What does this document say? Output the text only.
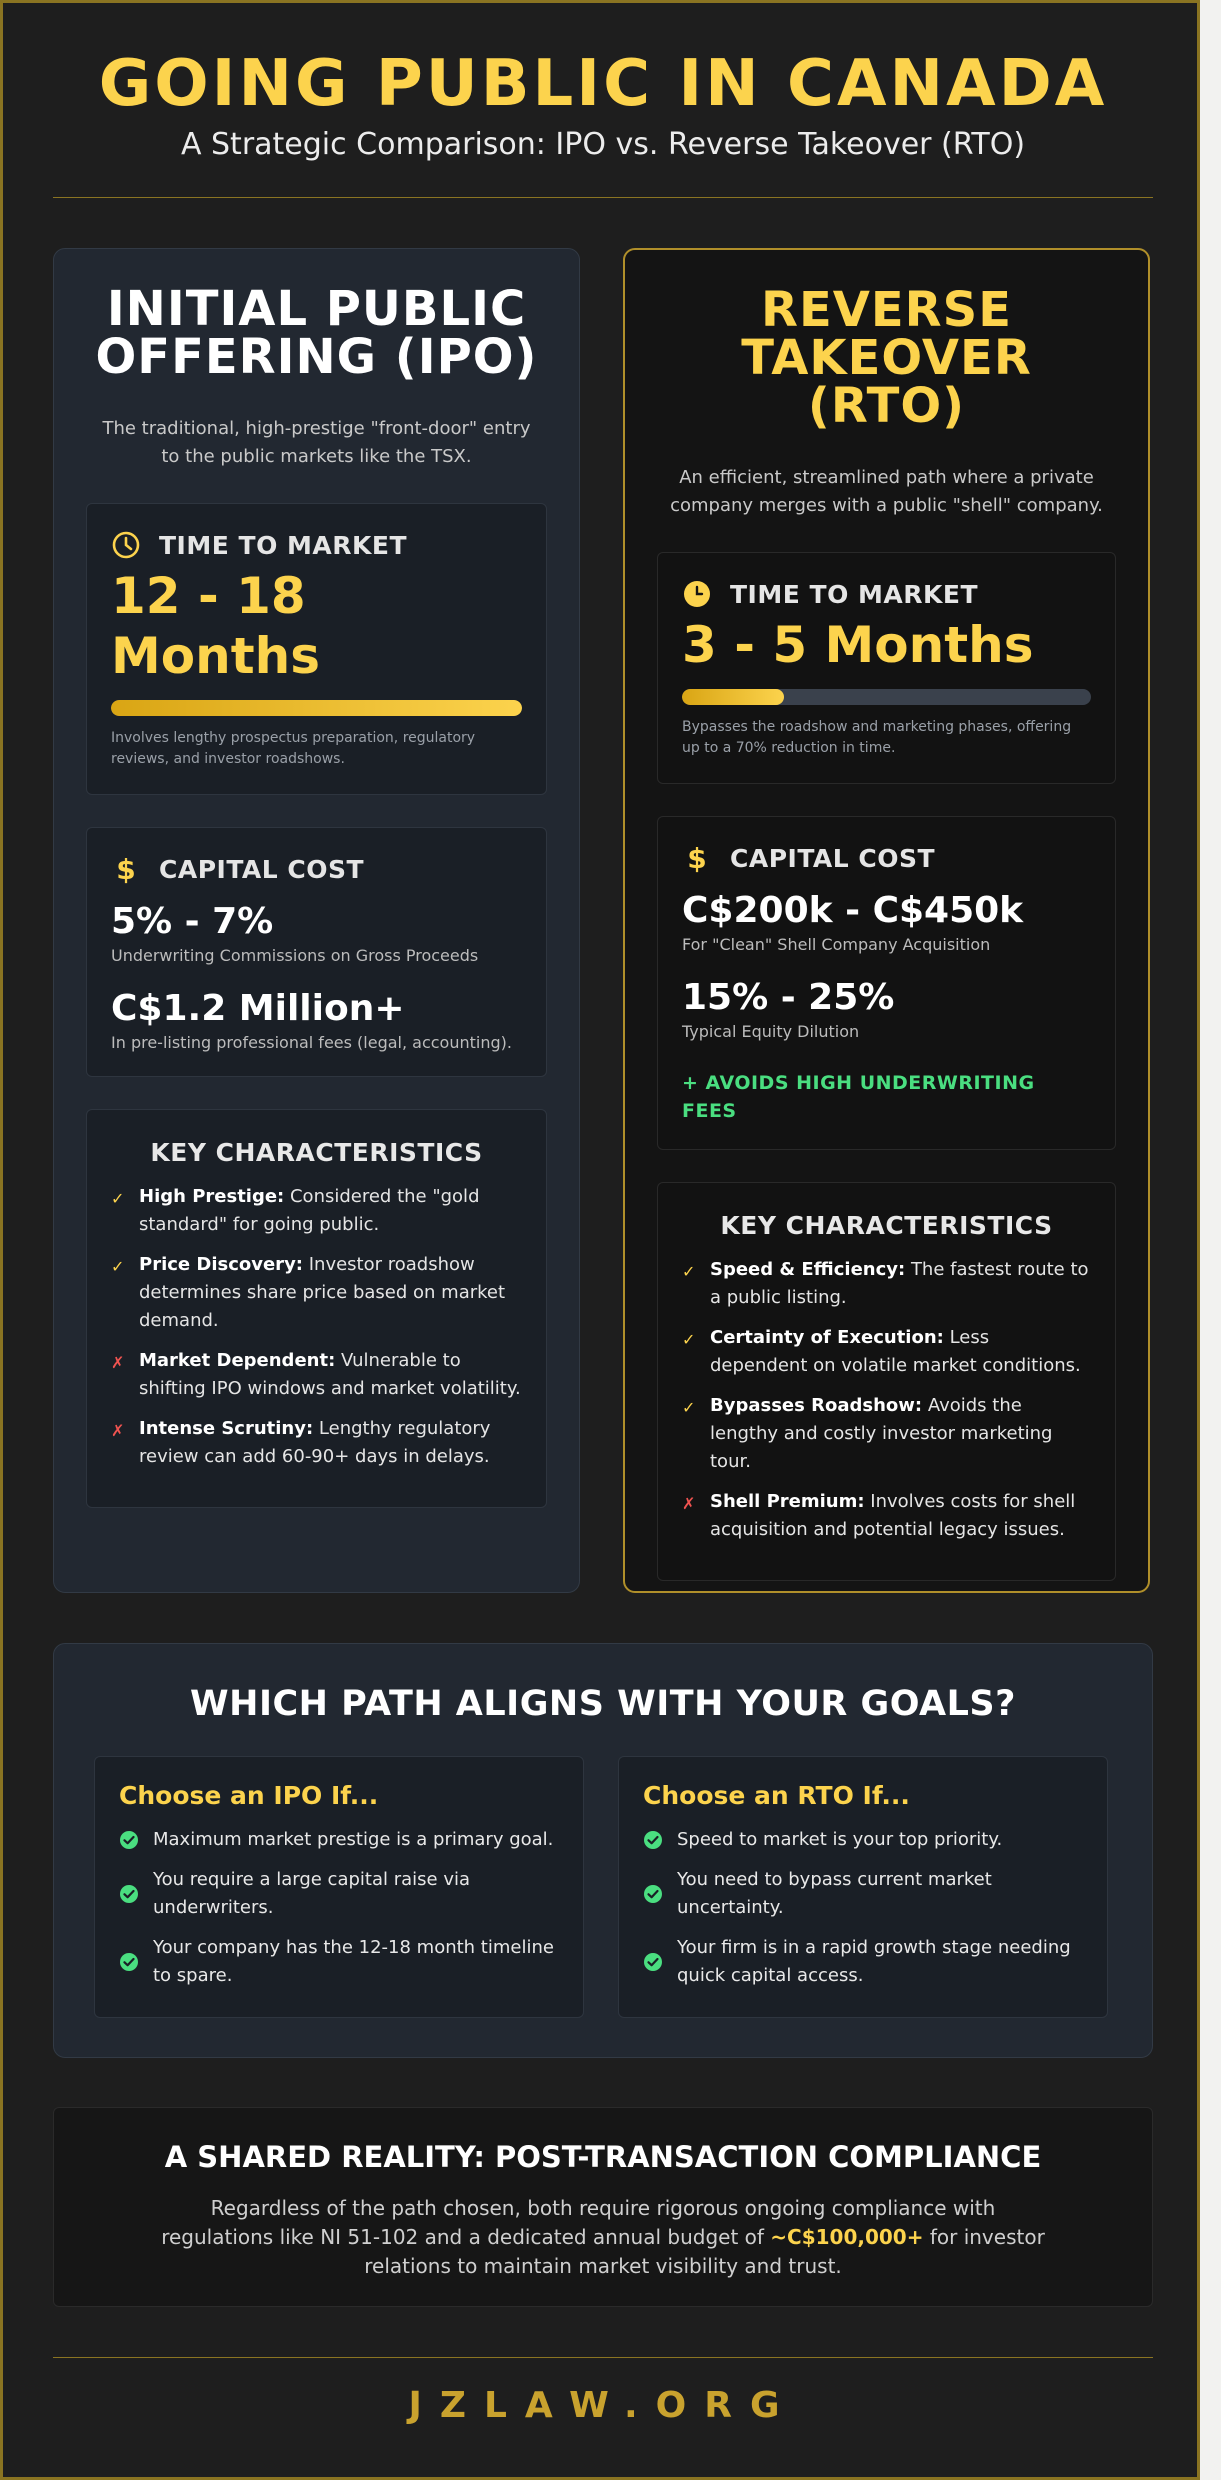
GOING PUBLIC IN CANADA
A Strategic Comparison: IPO vs. Reverse Takeover (RTO)
INITIAL PUBLIC
OFFERING (IPO)

The traditional, high-prestige "front-door" entry to the public markets like the TSX.

TIME TO MARKET
12 - 18 Months

Involves lengthy prospectus preparation, regulatory reviews, and investor roadshows.

$ CAPITAL COST
5% - 7%
Underwriting Commissions on Gross Proceeds
C$1.2 Million+
In pre-listing professional fees (legal, accounting).
KEY CHARACTERISTICS
✓ High Prestige: Considered the "gold standard" for going public.
✓ Price Discovery: Investor roadshow determines share price based on market demand.
✗ Market Dependent: Vulnerable to shifting IPO windows and market volatility.
✗ Intense Scrutiny: Lengthy regulatory review can add 60-90+ days in delays.
REVERSE
TAKEOVER
(RTO)

An efficient, streamlined path where a private company merges with a public "shell" company.

TIME TO MARKET
3 - 5 Months

Bypasses the roadshow and marketing phases, offering up to a 70% reduction in time.

$ CAPITAL COST
C$200k - C$450k
For "Clean" Shell Company Acquisition
15% - 25%
Typical Equity Dilution
+ AVOIDS HIGH UNDERWRITING FEES
KEY CHARACTERISTICS
✓ Speed & Efficiency: The fastest route to a public listing.
✓ Certainty of Execution: Less dependent on volatile market conditions.
✓ Bypasses Roadshow: Avoids the lengthy and costly investor marketing tour.
✗ Shell Premium: Involves costs for shell acquisition and potential legacy issues.
WHICH PATH ALIGNS WITH YOUR GOALS?
Choose an IPO If...
Maximum market prestige is a primary goal.
You require a large capital raise via underwriters.
Your company has the 12-18 month timeline to spare.
Choose an RTO If...
Speed to market is your top priority.
You need to bypass current market uncertainty.
Your firm is in a rapid growth stage needing quick capital access.
A SHARED REALITY: POST-TRANSACTION COMPLIANCE

Regardless of the path chosen, both require rigorous ongoing compliance with regulations like NI 51-102 and a dedicated annual budget of ~C$100,000+ for investor relations to maintain market visibility and trust.

JZLAW.ORG
